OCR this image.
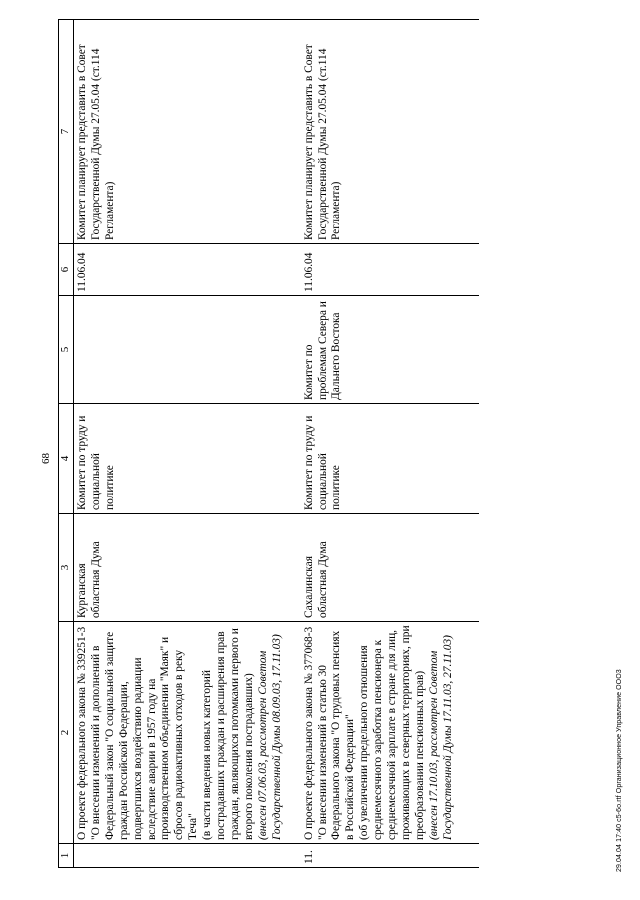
68
1	2	3	4	5	6	7

	О проекте федерального закона № 339251-3 "О внесении изменений и дополнений в Федеральный закон "О социальной защите граждан Российской Федерации, подвергшихся воздействию радиации вследствие аварии в 1957 году на производственном объединении "Маяк" и сбросов радиоактивных отходов в реку Теча" (в части введения новых категорий пострадавших граждан и расширения прав граждан, являющихся потомками первого и второго поколения пострадавших) (внесен 07.06.03, рассмотрен Советом Государственной Думы 08.09.03, 17.11.03)	Курганская областная Дума	Комитет по труду и социальной политике		11.06.04	Комитет планирует представить в Совет Государственной Думы 27.05.04 (ст.114 Регламента)
11.	О проекте федерального закона № 377068-3 "О внесении изменений в статью 30 Федерального закона "О трудовых пенсиях в Российской Федерации" (об увеличении предельного отношения среднемесячного заработка пенсионера к среднемесячной зарплате в стране для лиц, проживающих в северных территориях, при преобразовании пенсионных прав) (внесен 17.10.03, рассмотрен Советом Государственной Думы 17.11.03, 27.11.03)	Сахалинская областная Дума	Комитет по труду и социальной политике	Комитет по проблемам Севера и Дальнего Востока	11.06.04	Комитет планирует представить в Совет Государственной Думы 27.05.04 (ст.114 Регламента)
29.04.04 17:40 c5-6o.rtf Организационное Управление ООО3
